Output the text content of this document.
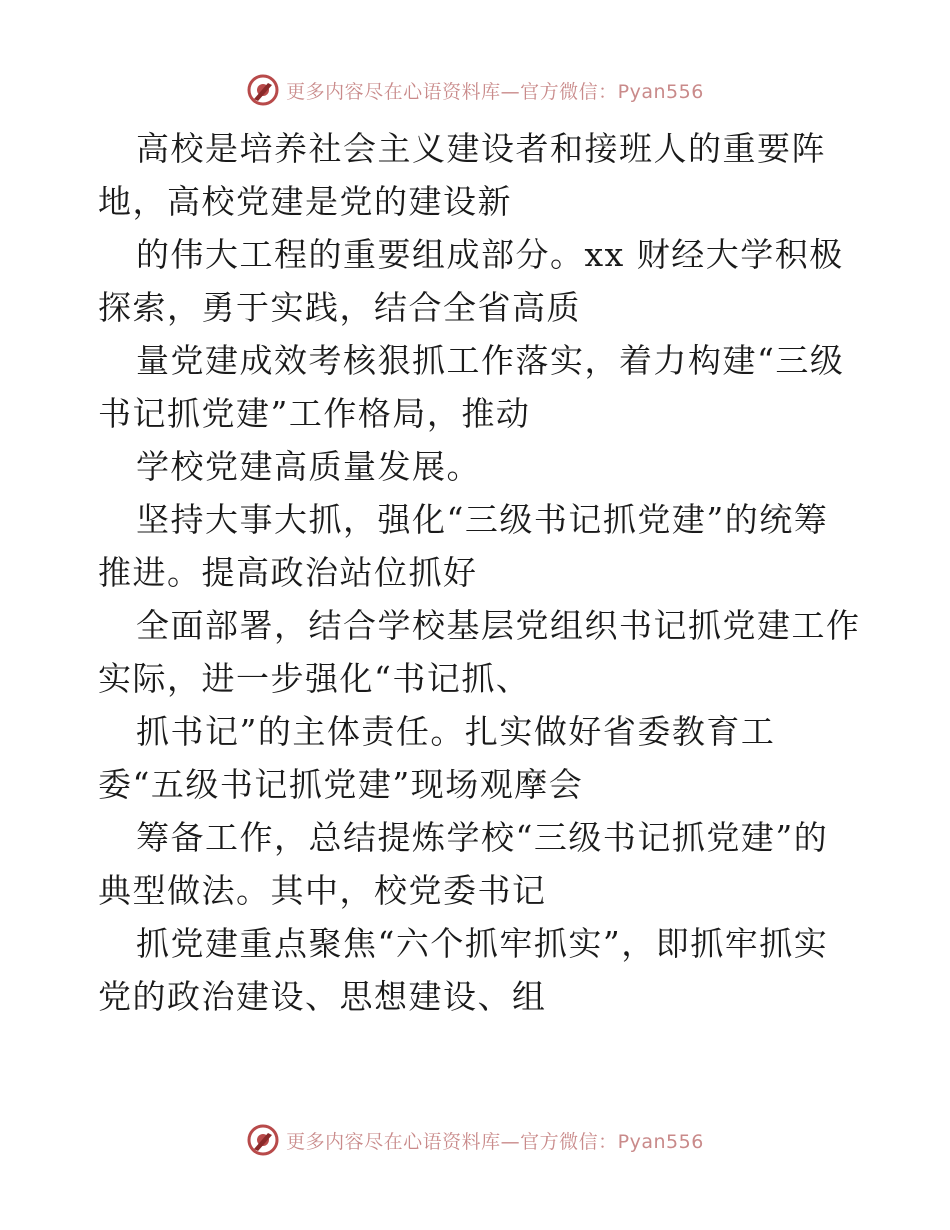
更多内容尽在心语资料库—官方微信：Pyan556
高校是培养社会主义建设者和接班人的重要阵
地，高校党建是党的建设新
的伟大工程的重要组成部分。xx 财经大学积极
探索，勇于实践，结合全省高质
量党建成效考核狠抓工作落实，着力构建“三级
书记抓党建”工作格局，推动
学校党建高质量发展。
坚持大事大抓，强化“三级书记抓党建”的统筹
推进。提高政治站位抓好
全面部署，结合学校基层党组织书记抓党建工作
实际，进一步强化“书记抓、
抓书记”的主体责任。扎实做好省委教育工
委“五级书记抓党建”现场观摩会
筹备工作，总结提炼学校“三级书记抓党建”的
典型做法。其中，校党委书记
抓党建重点聚焦“六个抓牢抓实”，即抓牢抓实
党的政治建设、思想建设、组
更多内容尽在心语资料库—官方微信：Pyan556
